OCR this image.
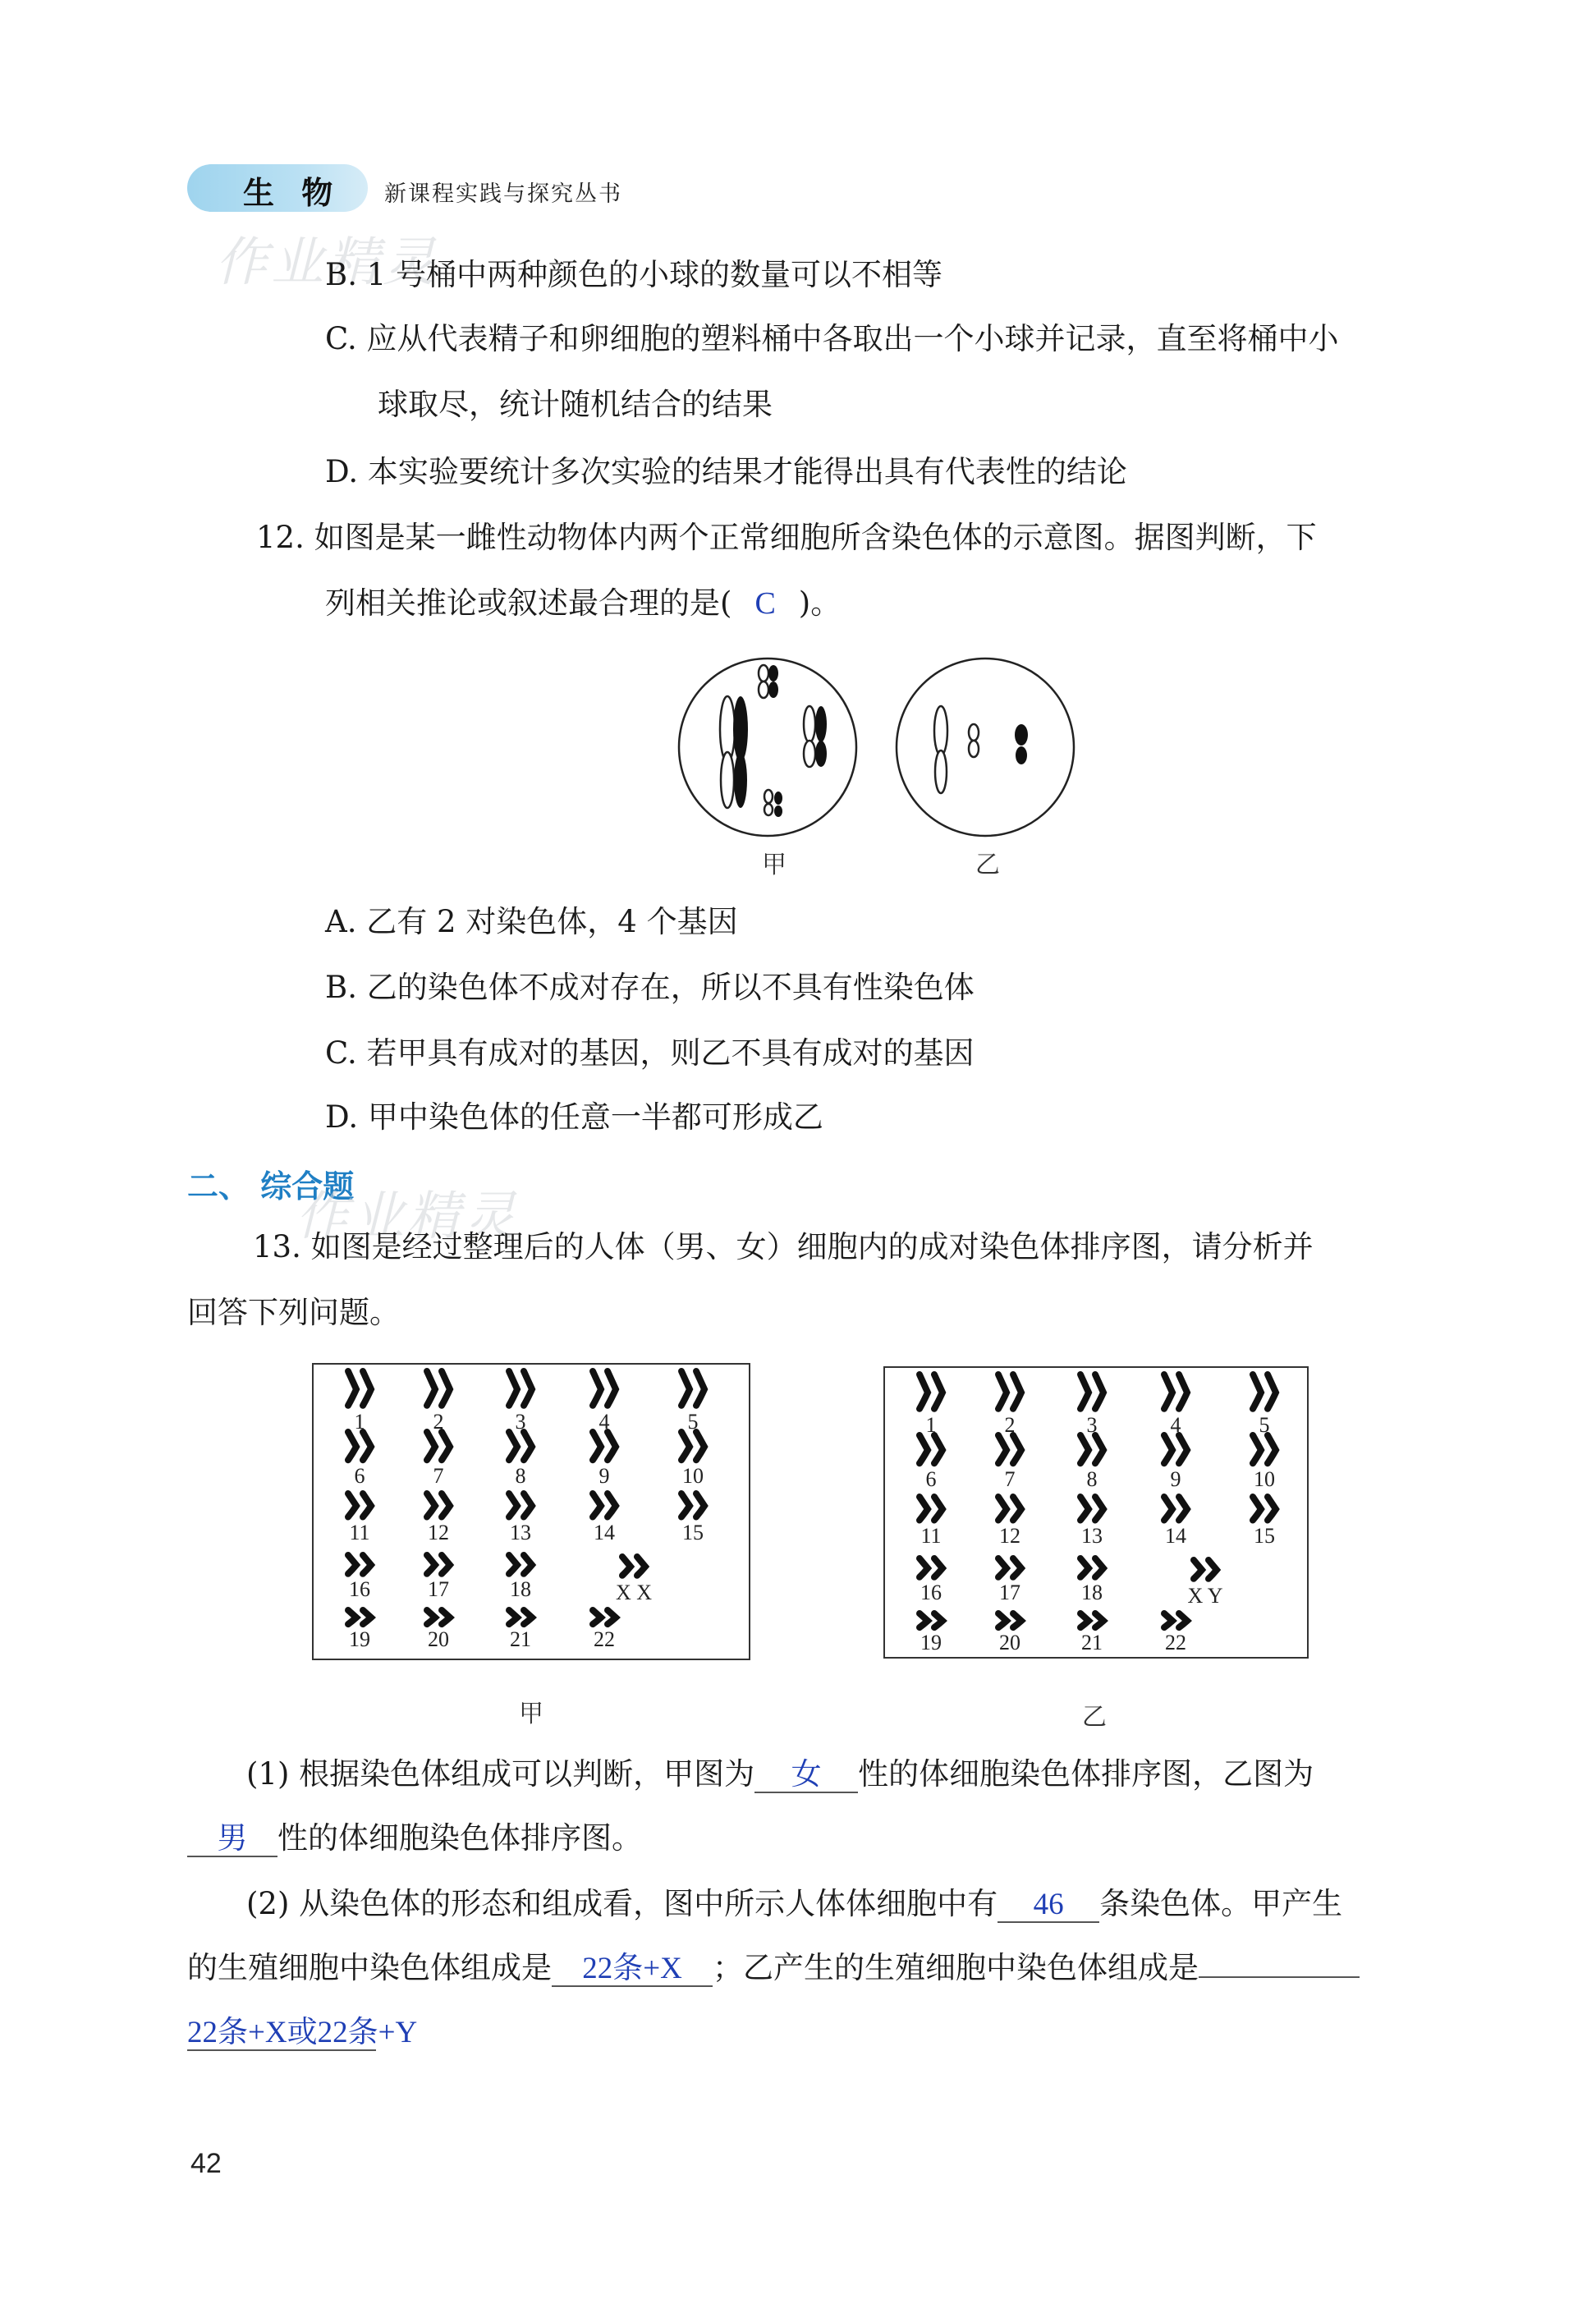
生 物 新课程实践与探究丛书
作业精灵
B. 1 号桶中两种颜色的小球的数量可以不相等
C. 应从代表精子和卵细胞的塑料桶中各取出一个小球并记录，直至将桶中小
球取尽，统计随机结合的结果
D. 本实验要统计多次实验的结果才能得出具有代表性的结论
12. 如图是某一雌性动物体内两个正常细胞所含染色体的示意图。据图判断，下
列相关推论或叙述最合理的是( C )。
甲	乙
A. 乙有 2 对染色体，4 个基因
B. 乙的染色体不成对存在，所以不具有性染色体
C. 若甲具有成对的基因，则乙不具有成对的基因
D. 甲中染色体的任意一半都可形成乙
二、 综合题
作业精灵
13. 如图是经过整理后的人体（男、女）细胞内的成对染色体排序图，请分析并
回答下列问题。
1	2	3	4	5
6	7	8	9	10
11	12	13	14	15
16	17	18
19	20	21	22
X X
甲
1	2	3	4	5
6	7	8	9	10
11	12	13	14	15
16	17	18
19	20	21	22
X Y
乙
(1) 根据染色体组成可以判断，甲图为 女 性的体细胞染色体排序图，乙图为
男 性的体细胞染色体排序图。
(2) 从染色体的形态和组成看，图中所示人体体细胞中有 46 条染色体。甲产生
的生殖细胞中染色体组成是 22条+X ；乙产生的生殖细胞中染色体组成是
22条+X或22条+Y
42
